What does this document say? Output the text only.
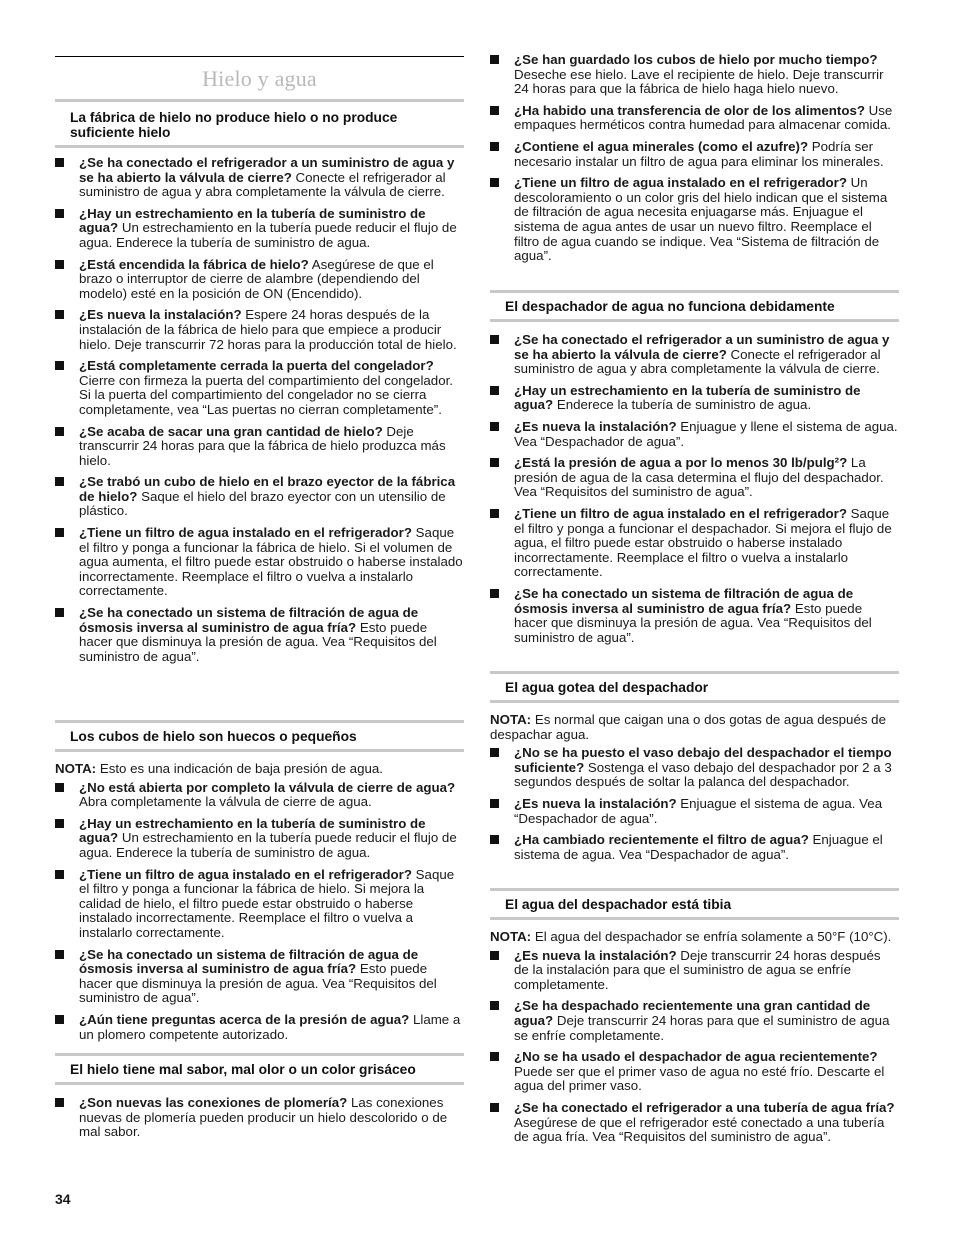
Hielo y agua
La fábrica de hielo no produce hielo o no produce suficiente hielo
¿Se ha conectado el refrigerador a un suministro de agua y se ha abierto la válvula de cierre? Conecte el refrigerador al suministro de agua y abra completamente la válvula de cierre.
¿Hay un estrechamiento en la tubería de suministro de agua? Un estrechamiento en la tubería puede reducir el flujo de agua. Enderece la tubería de suministro de agua.
¿Está encendida la fábrica de hielo? Asegúrese de que el brazo o interruptor de cierre de alambre (dependiendo del modelo) esté en la posición de ON (Encendido).
¿Es nueva la instalación? Espere 24 horas después de la instalación de la fábrica de hielo para que empiece a producir hielo. Deje transcurrir 72 horas para la producción total de hielo.
¿Está completamente cerrada la puerta del congelador? Cierre con firmeza la puerta del compartimiento del congelador. Si la puerta del compartimiento del congelador no se cierra completamente, vea “Las puertas no cierran completamente”.
¿Se acaba de sacar una gran cantidad de hielo? Deje transcurrir 24 horas para que la fábrica de hielo produzca más hielo.
¿Se trabó un cubo de hielo en el brazo eyector de la fábrica de hielo? Saque el hielo del brazo eyector con un utensilio de plástico.
¿Tiene un filtro de agua instalado en el refrigerador? Saque el filtro y ponga a funcionar la fábrica de hielo. Si el volumen de agua aumenta, el filtro puede estar obstruido o haberse instalado incorrectamente. Reemplace el filtro o vuelva a instalarlo correctamente.
¿Se ha conectado un sistema de filtración de agua de ósmosis inversa al suministro de agua fría? Esto puede hacer que disminuya la presión de agua. Vea “Requisitos del suministro de agua”.
Los cubos de hielo son huecos o pequeños

NOTA: Esto es una indicación de baja presión de agua.

¿No está abierta por completo la válvula de cierre de agua? Abra completamente la válvula de cierre de agua.
¿Hay un estrechamiento en la tubería de suministro de agua? Un estrechamiento en la tubería puede reducir el flujo de agua. Enderece la tubería de suministro de agua.
¿Tiene un filtro de agua instalado en el refrigerador? Saque el filtro y ponga a funcionar la fábrica de hielo. Si mejora la calidad de hielo, el filtro puede estar obstruido o haberse instalado incorrectamente. Reemplace el filtro o vuelva a instalarlo correctamente.
¿Se ha conectado un sistema de filtración de agua de ósmosis inversa al suministro de agua fría? Esto puede hacer que disminuya la presión de agua. Vea “Requisitos del suministro de agua”.
¿Aún tiene preguntas acerca de la presión de agua? Llame a un plomero competente autorizado.
El hielo tiene mal sabor, mal olor o un color grisáceo
¿Son nuevas las conexiones de plomería? Las conexiones nuevas de plomería pueden producir un hielo descolorido o de mal sabor.
34
¿Se han guardado los cubos de hielo por mucho tiempo? Deseche ese hielo. Lave el recipiente de hielo. Deje transcurrir 24 horas para que la fábrica de hielo haga hielo nuevo.
¿Ha habido una transferencia de olor de los alimentos? Use empaques herméticos contra humedad para almacenar comida.
¿Contiene el agua minerales (como el azufre)? Podría ser necesario instalar un filtro de agua para eliminar los minerales.
¿Tiene un filtro de agua instalado en el refrigerador? Un descoloramiento o un color gris del hielo indican que el sistema de filtración de agua necesita enjuagarse más. Enjuague el sistema de agua antes de usar un nuevo filtro. Reemplace el filtro de agua cuando se indique. Vea “Sistema de filtración de agua”.
El despachador de agua no funciona debidamente
¿Se ha conectado el refrigerador a un suministro de agua y se ha abierto la válvula de cierre? Conecte el refrigerador al suministro de agua y abra completamente la válvula de cierre.
¿Hay un estrechamiento en la tubería de suministro de agua? Enderece la tubería de suministro de agua.
¿Es nueva la instalación? Enjuague y llene el sistema de agua. Vea “Despachador de agua”.
¿Está la presión de agua a por lo menos 30 lb/pulg²? La presión de agua de la casa determina el flujo del despachador. Vea “Requisitos del suministro de agua”.
¿Tiene un filtro de agua instalado en el refrigerador? Saque el filtro y ponga a funcionar el despachador. Si mejora el flujo de agua, el filtro puede estar obstruido o haberse instalado incorrectamente. Reemplace el filtro o vuelva a instalarlo correctamente.
¿Se ha conectado un sistema de filtración de agua de ósmosis inversa al suministro de agua fría? Esto puede hacer que disminuya la presión de agua. Vea “Requisitos del suministro de agua”.
El agua gotea del despachador

NOTA: Es normal que caigan una o dos gotas de agua después de despachar agua.

¿No se ha puesto el vaso debajo del despachador el tiempo suficiente? Sostenga el vaso debajo del despachador por 2 a 3 segundos después de soltar la palanca del despachador.
¿Es nueva la instalación? Enjuague el sistema de agua. Vea “Despachador de agua”.
¿Ha cambiado recientemente el filtro de agua? Enjuague el sistema de agua. Vea “Despachador de agua”.
El agua del despachador está tibia

NOTA: El agua del despachador se enfría solamente a 50°F (10°C).

¿Es nueva la instalación? Deje transcurrir 24 horas después de la instalación para que el suministro de agua se enfríe completamente.
¿Se ha despachado recientemente una gran cantidad de agua? Deje transcurrir 24 horas para que el suministro de agua se enfríe completamente.
¿No se ha usado el despachador de agua recientemente? Puede ser que el primer vaso de agua no esté frío. Descarte el agua del primer vaso.
¿Se ha conectado el refrigerador a una tubería de agua fría? Asegúrese de que el refrigerador esté conectado a una tubería de agua fría. Vea “Requisitos del suministro de agua”.
